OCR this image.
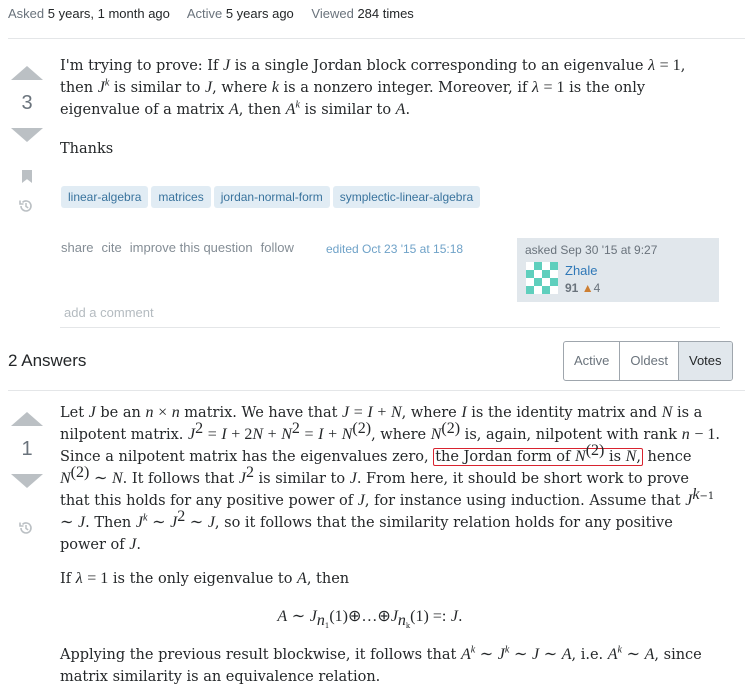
Asked 5 years, 1 month ago Active 5 years ago Viewed 284 times
3

I'm trying to prove: If J is a single Jordan block corresponding to an eigenvalue λ = 1, then $J^k$ is similar to J, where k is a nonzero integer. Moreover, if λ = 1 is the only eigenvalue of a matrix A, then $A^k$ is similar to A.

Thanks
linear-algebra matrices jordan-normal-form symplectic-linear-algebra
share cite improve this question follow	edited Oct 23 '15 at 15:18	asked Sep 30 '15 at 9:27
Zhale
91 ▲4
add a comment
2 Answers	Active	Oldest	Votes
1

Let J be an n × n matrix. We have that J = I + N, where I is the identity matrix and N is a nilpotent matrix. $J^2 = I + 2N + N^2 = I + N^{(2)}$, where $N^{(2)}$ is, again, nilpotent with rank n − 1. Since a nilpotent matrix has the eigenvalues zero, the Jordan form of $N^{(2)}$ is N, hence $N^{(2)}$ ∼ N. It follows that $J^2$ is similar to J. From here, it should be short work to prove that this holds for any positive power of J, for instance using induction. Assume that $J^{k-1}$ ∼ J. Then $J^k$ ∼ $J^2$ ∼ J, so it follows that the similarity relation holds for any positive power of J.

If λ = 1 is the only eigenvalue to A, then

A ∼ $J_{n_1}(1)\oplus\dots\oplus J_{n_k}(1)$ =: J.

Applying the previous result blockwise, it follows that $A^k$ ∼ $J^k$ ∼ J ∼ A, i.e. $A^k$ ∼ A, since matrix similarity is an equivalence relation.
